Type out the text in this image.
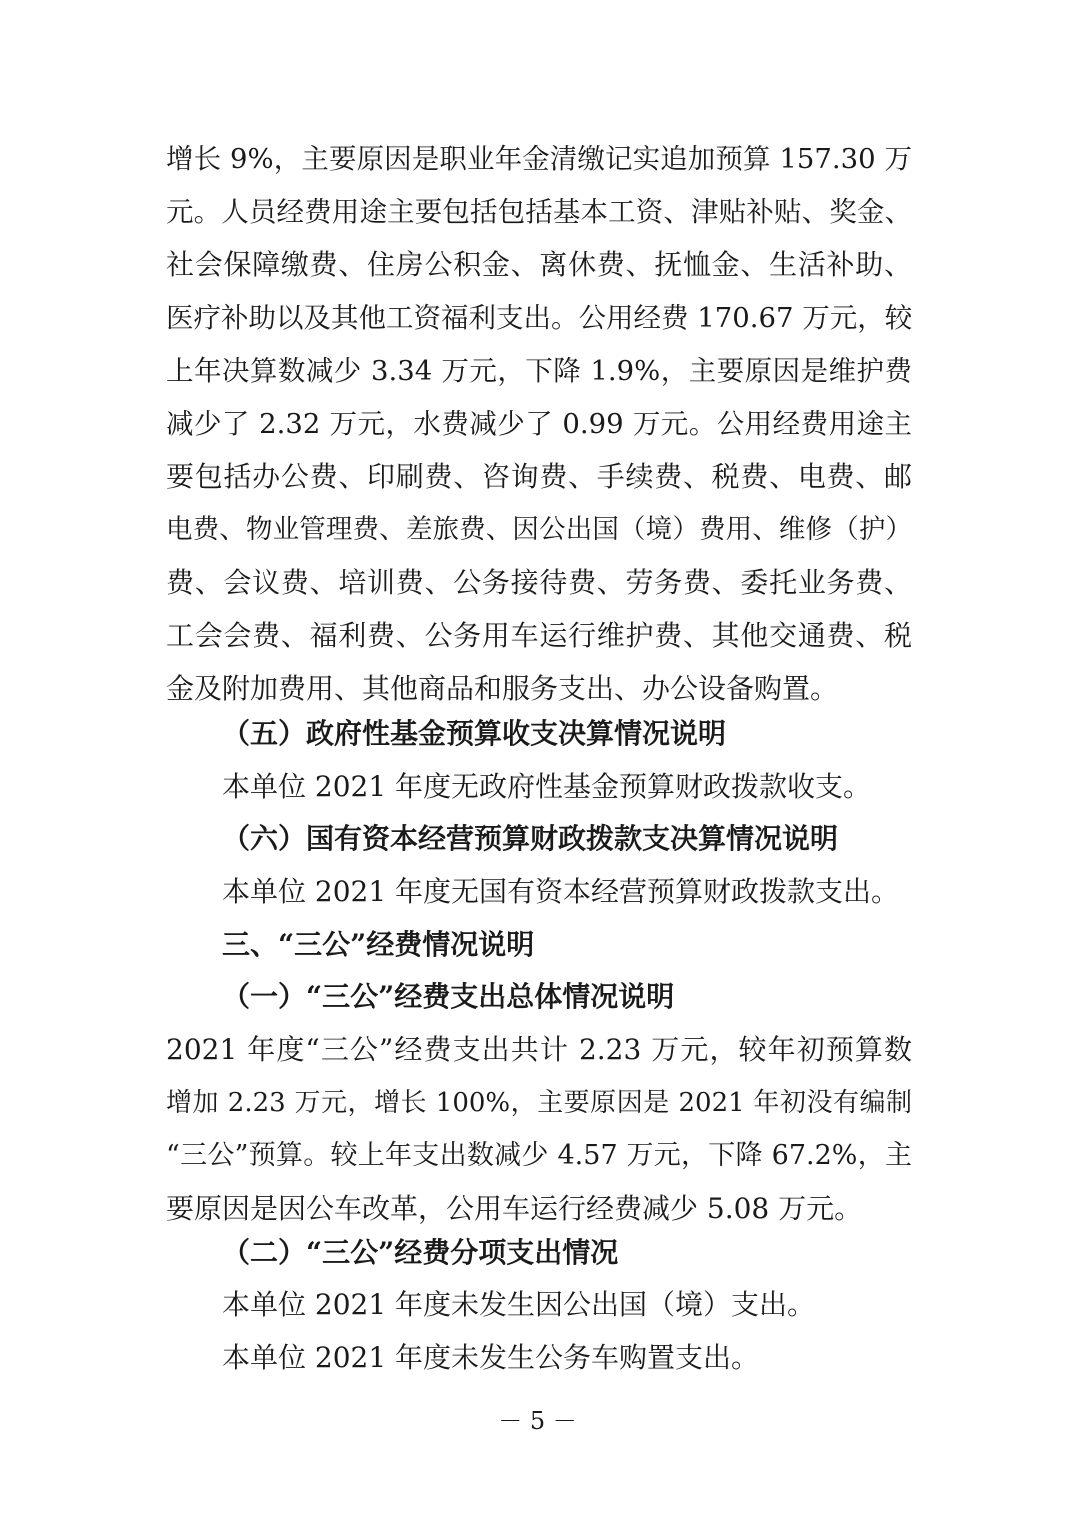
增长 9%，主要原因是职业年金清缴记实追加预算 157.30 万
元。人员经费用途主要包括包括基本工资、津贴补贴、奖金、
社会保障缴费、住房公积金、离休费、抚恤金、生活补助、
医疗补助以及其他工资福利支出。公用经费 170.67 万元，较
上年决算数减少 3.34 万元，下降 1.9%，主要原因是维护费
减少了 2.32 万元，水费减少了 0.99 万元。公用经费用途主
要包括办公费、印刷费、咨询费、手续费、税费、电费、邮
电费、物业管理费、差旅费、因公出国（境）费用、维修（护）
费、会议费、培训费、公务接待费、劳务费、委托业务费、
工会会费、福利费、公务用车运行维护费、其他交通费、税
金及附加费用、其他商品和服务支出、办公设备购置。
（五）政府性基金预算收支决算情况说明
本单位 2021 年度无政府性基金预算财政拨款收支。
（六）国有资本经营预算财政拨款支决算情况说明
本单位 2021 年度无国有资本经营预算财政拨款支出。
三、“三公”经费情况说明
（一）“三公”经费支出总体情况说明
2021 年度“三公”经费支出共计 2.23 万元，较年初预算数
增加 2.23 万元，增长 100%，主要原因是 2021 年初没有编制
“三公”预算。较上年支出数减少 4.57 万元，下降 67.2%，主
要原因是因公车改革，公用车运行经费减少 5.08 万元。
（二）“三公”经费分项支出情况
本单位 2021 年度未发生因公出国（境）支出。
本单位 2021 年度未发生公务车购置支出。
－ 5 －
